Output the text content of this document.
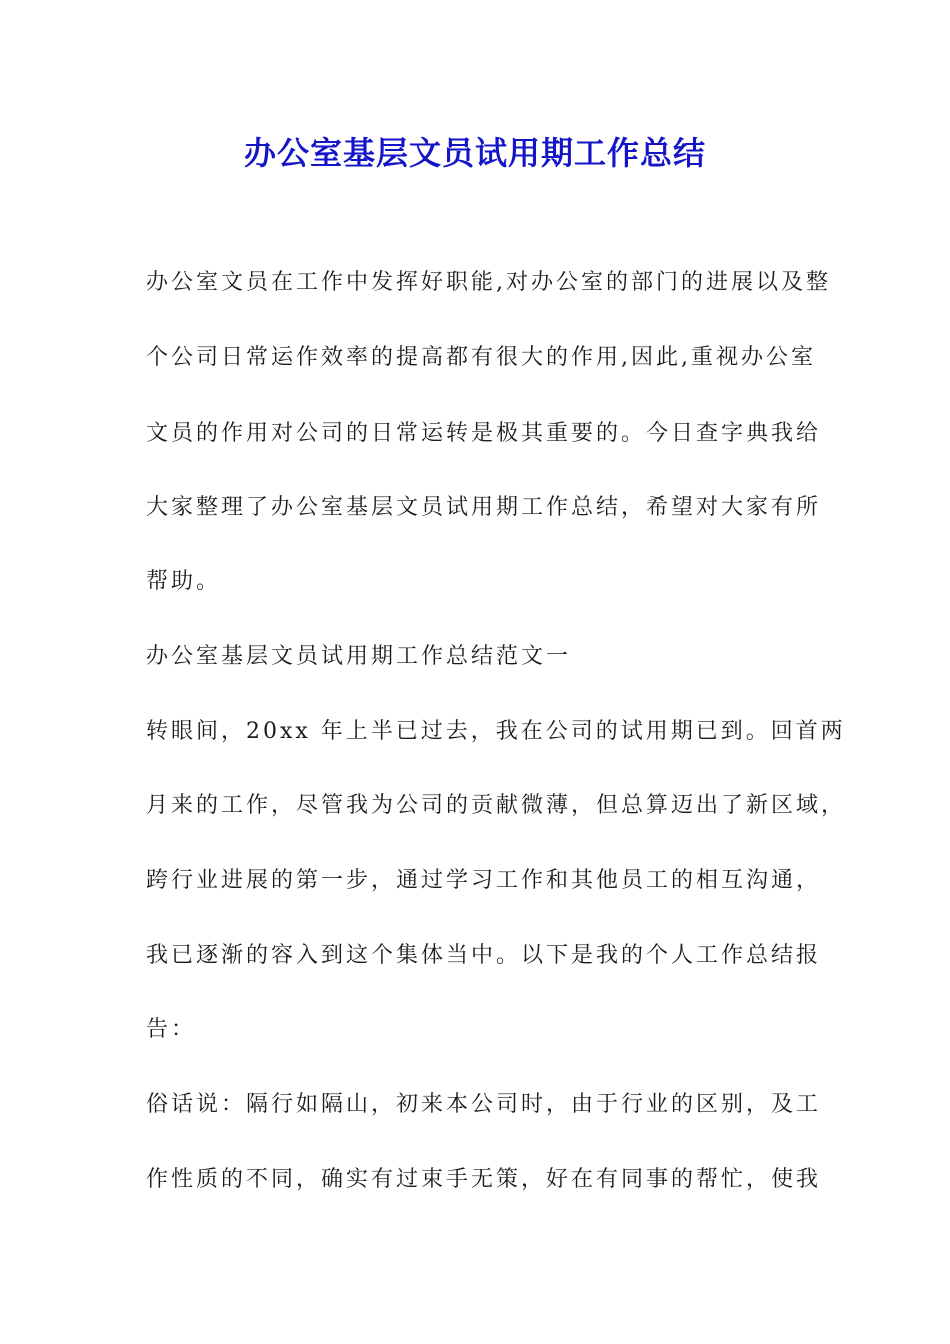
办公室基层文员试用期工作总结
办公室文员在工作中发挥好职能,对办公室的部门的进展以及整
个公司日常运作效率的提高都有很大的作用,因此,重视办公室
文员的作用对公司的日常运转是极其重要的。今日查字典我给
大家整理了办公室基层文员试用期工作总结，希望对大家有所
帮助。
办公室基层文员试用期工作总结范文一
转眼间，20xx 年上半已过去，我在公司的试用期已到。回首两
月来的工作，尽管我为公司的贡献微薄，但总算迈出了新区域，
跨行业进展的第一步，通过学习工作和其他员工的相互沟通，
我已逐渐的容入到这个集体当中。以下是我的个人工作总结报
告：
俗话说：隔行如隔山，初来本公司时，由于行业的区别，及工
作性质的不同，确实有过束手无策，好在有同事的帮忙，使我
